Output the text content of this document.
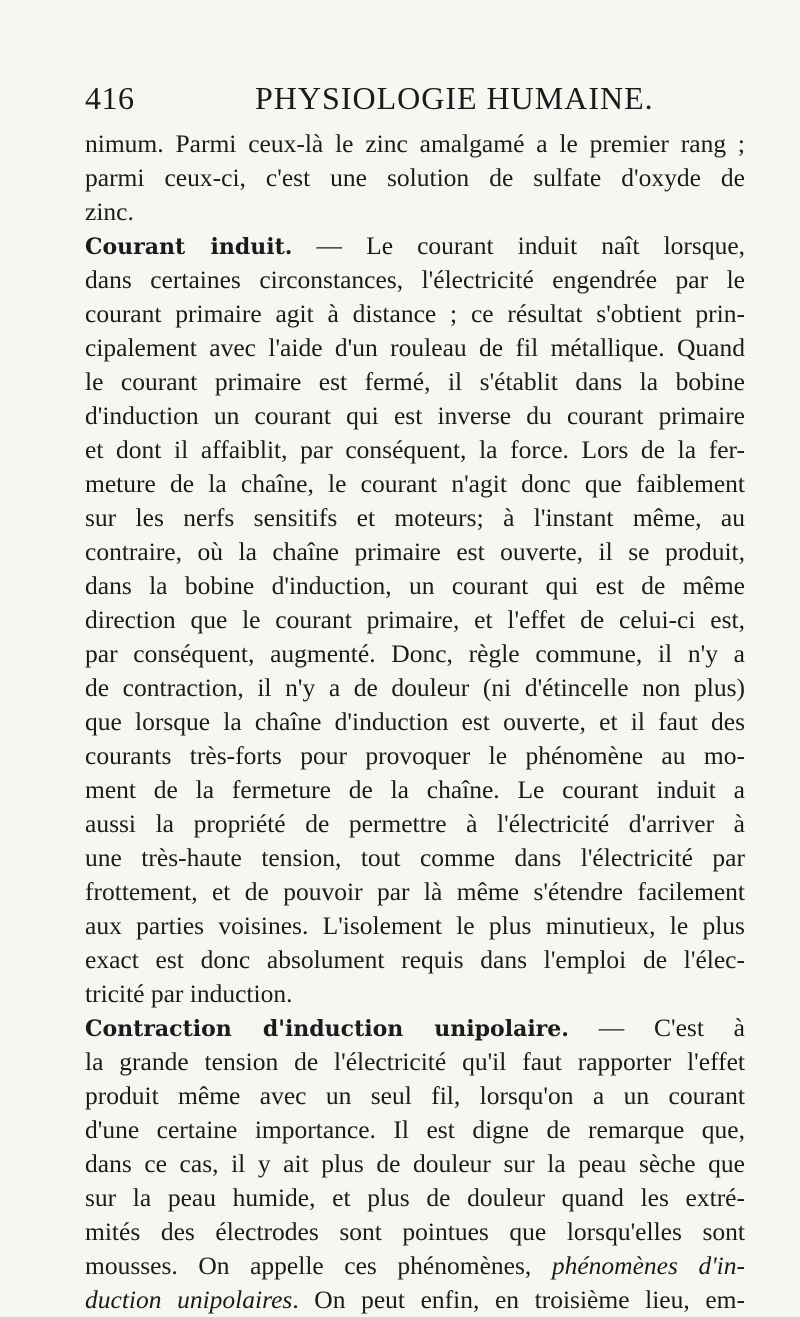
416	PHYSIOLOGIE HUMAINE.
nimum. Parmi ceux-là le zinc amalgamé a le premier rang ;
parmi ceux-ci, c'est une solution de sulfate d'oxyde de
zinc.
Courant induit. — Le courant induit naît lorsque,
dans certaines circonstances, l'électricité engendrée par le
courant primaire agit à distance ; ce résultat s'obtient prin-
cipalement avec l'aide d'un rouleau de fil métallique. Quand
le courant primaire est fermé, il s'établit dans la bobine
d'induction un courant qui est inverse du courant primaire
et dont il affaiblit, par conséquent, la force. Lors de la fer-
meture de la chaîne, le courant n'agit donc que faiblement
sur les nerfs sensitifs et moteurs; à l'instant même, au
contraire, où la chaîne primaire est ouverte, il se produit,
dans la bobine d'induction, un courant qui est de même
direction que le courant primaire, et l'effet de celui-ci est,
par conséquent, augmenté. Donc, règle commune, il n'y a
de contraction, il n'y a de douleur (ni d'étincelle non plus)
que lorsque la chaîne d'induction est ouverte, et il faut des
courants très-forts pour provoquer le phénomène au mo-
ment de la fermeture de la chaîne. Le courant induit a
aussi la propriété de permettre à l'électricité d'arriver à
une très-haute tension, tout comme dans l'électricité par
frottement, et de pouvoir par là même s'étendre facilement
aux parties voisines. L'isolement le plus minutieux, le plus
exact est donc absolument requis dans l'emploi de l'élec-
tricité par induction.
Contraction d'induction unipolaire. — C'est à
la grande tension de l'électricité qu'il faut rapporter l'effet
produit même avec un seul fil, lorsqu'on a un courant
d'une certaine importance. Il est digne de remarque que,
dans ce cas, il y ait plus de douleur sur la peau sèche que
sur la peau humide, et plus de douleur quand les extré-
mités des électrodes sont pointues que lorsqu'elles sont
mousses. On appelle ces phénomènes, phénomènes d'in-
duction unipolaires. On peut enfin, en troisième lieu, em-
